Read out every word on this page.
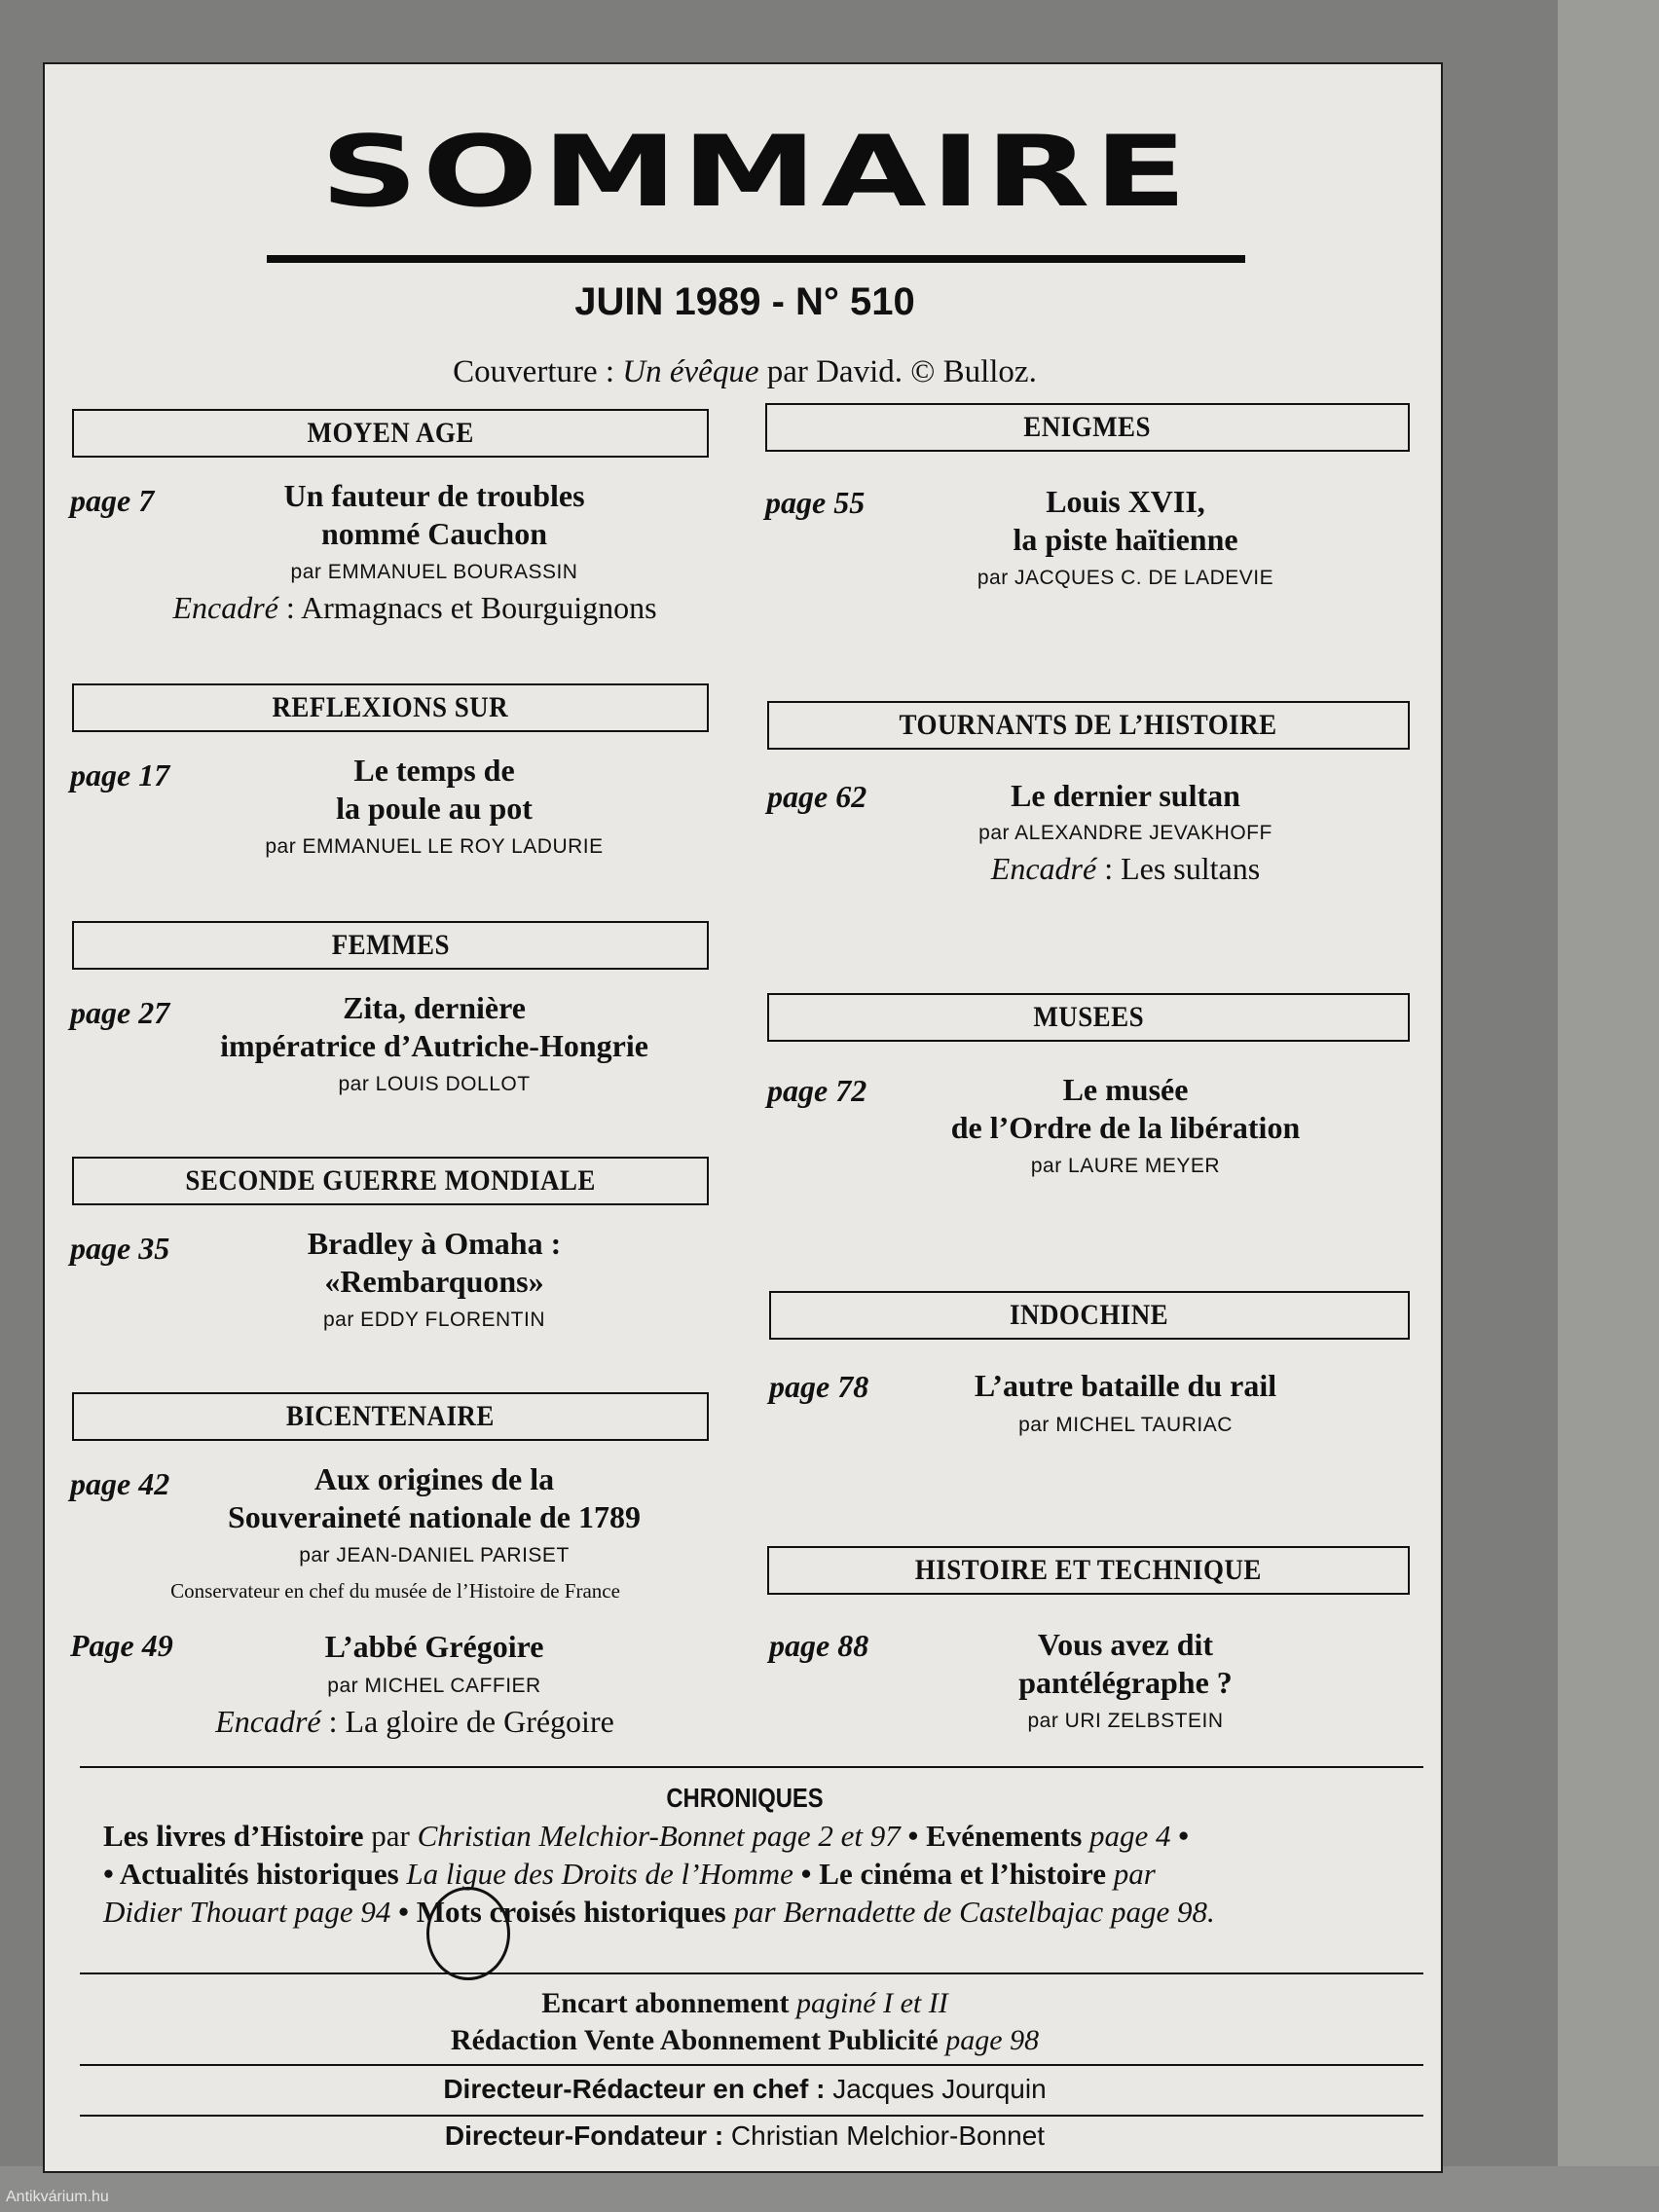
SOMMAIRE
JUIN 1989 - N° 510
Couverture : Un évêque par David. © Bulloz.
MOYEN AGE
page 7	Un fauteur de troubles
nommé Cauchon
par EMMANUEL BOURASSIN
Encadré : Armagnacs et Bourguignons
REFLEXIONS SUR
page 17	Le temps de
la poule au pot
par EMMANUEL LE ROY LADURIE
FEMMES
page 27	Zita, dernière
impératrice d’Autriche-Hongrie
par LOUIS DOLLOT
SECONDE GUERRE MONDIALE
page 35	Bradley à Omaha :
«Rembarquons»
par EDDY FLORENTIN
BICENTENAIRE
page 42	Aux origines de la
Souveraineté nationale de 1789
par JEAN-DANIEL PARISET
Conservateur en chef du musée de l’Histoire de France
Page 49	L’abbé Grégoire
par MICHEL CAFFIER
Encadré : La gloire de Grégoire
ENIGMES
page 55	Louis XVII,
la piste haïtienne
par JACQUES C. DE LADEVIE
TOURNANTS DE L’HISTOIRE
page 62	Le dernier sultan
par ALEXANDRE JEVAKHOFF
Encadré : Les sultans
MUSEES
page 72	Le musée
de l’Ordre de la libération
par LAURE MEYER
INDOCHINE
page 78	L’autre bataille du rail
par MICHEL TAURIAC
HISTOIRE ET TECHNIQUE
page 88	Vous avez dit
pantélégraphe ?
par URI ZELBSTEIN
CHRONIQUES
Les livres d’Histoire par Christian Melchior-Bonnet page 2 et 97 • Evénements page 4 •
• Actualités historiques La ligue des Droits de l’Homme • Le cinéma et l’histoire par
Didier Thouart page 94 • Mots croisés historiques par Bernadette de Castelbajac page 98.
Encart abonnement paginé I et II
Rédaction Vente Abonnement Publicité page 98
Directeur-Rédacteur en chef : Jacques Jourquin
Directeur-Fondateur : Christian Melchior-Bonnet
Antikvárium.hu
